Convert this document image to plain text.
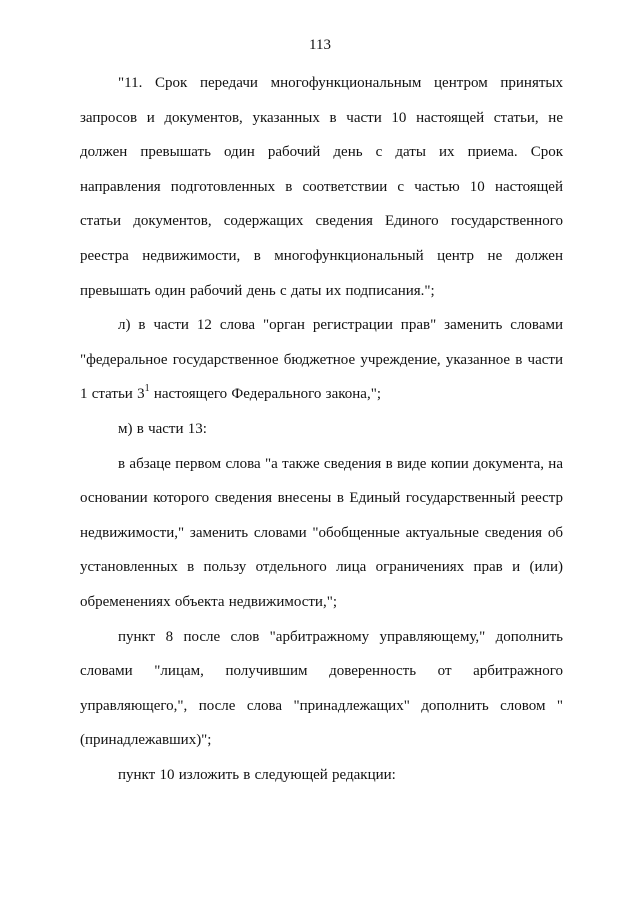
113

"11. Срок передачи многофункциональным центром принятых запросов и документов, указанных в части 10 настоящей статьи, не должен превышать один рабочий день с даты их приема. Срок направления подготовленных в соответствии с частью 10 настоящей статьи документов, содержащих сведения Единого государственного реестра недвижимости, в многофункциональный центр не должен превышать один рабочий день с даты их подписания.";

л) в части 12 слова "орган регистрации прав" заменить словами "федеральное государственное бюджетное учреждение, указанное в части 1 статьи $3^1$ настоящего Федерального закона,";

м) в части 13:

в абзаце первом слова "а также сведения в виде копии документа, на основании которого сведения внесены в Единый государственный реестр недвижимости," заменить словами "обобщенные актуальные сведения об установленных в пользу отдельного лица ограничениях прав и (или) обременениях объекта недвижимости,";

пункт 8 после слов "арбитражному управляющему," дополнить словами "лицам, получившим доверенность от арбитражного управляющего,", после слова "принадлежащих" дополнить словом "(принадлежавших)";

пункт 10 изложить в следующей редакции:
